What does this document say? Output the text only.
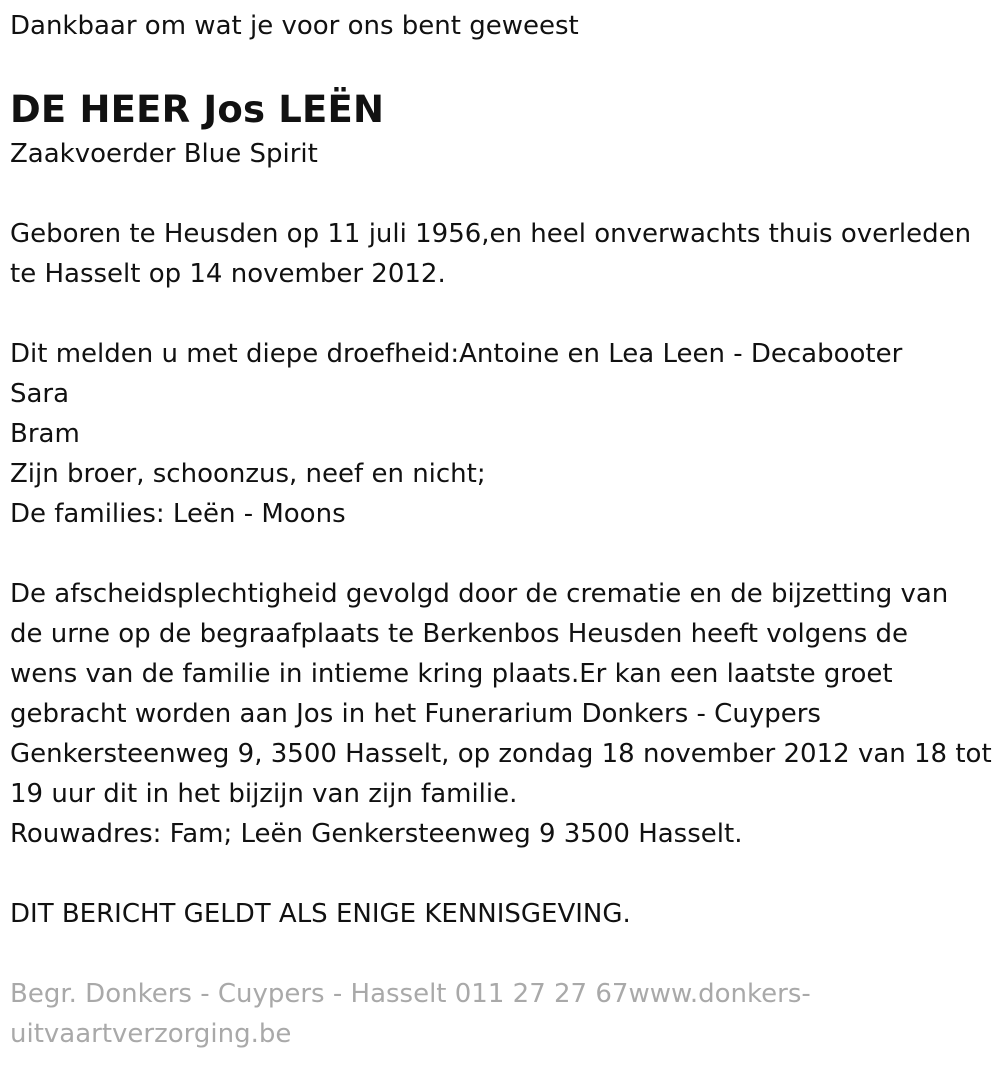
Dankbaar om wat je voor ons bent geweest

DE HEER Jos LEËN

Zaakvoerder Blue Spirit

Geboren te Heusden op 11 juli 1956,en heel onverwachts thuis overleden

te Hasselt op 14 november 2012.

Dit melden u met diepe droefheid:Antoine en Lea Leen - Decabooter

Sara

Bram

Zijn broer, schoonzus, neef en nicht;

De families: Leën - Moons

De afscheidsplechtigheid gevolgd door de crematie en de bijzetting van

de urne op de begraafplaats te Berkenbos Heusden heeft volgens de

wens van de familie in intieme kring plaats.Er kan een laatste groet

gebracht worden aan Jos in het Funerarium Donkers - Cuypers

Genkersteenweg 9, 3500 Hasselt, op zondag 18 november 2012 van 18 tot

19 uur dit in het bijzijn van zijn familie.

Rouwadres: Fam; Leën Genkersteenweg 9 3500 Hasselt.

DIT BERICHT GELDT ALS ENIGE KENNISGEVING.

Begr. Donkers - Cuypers - Hasselt 011 27 27 67www.donkers-

uitvaartverzorging.be
